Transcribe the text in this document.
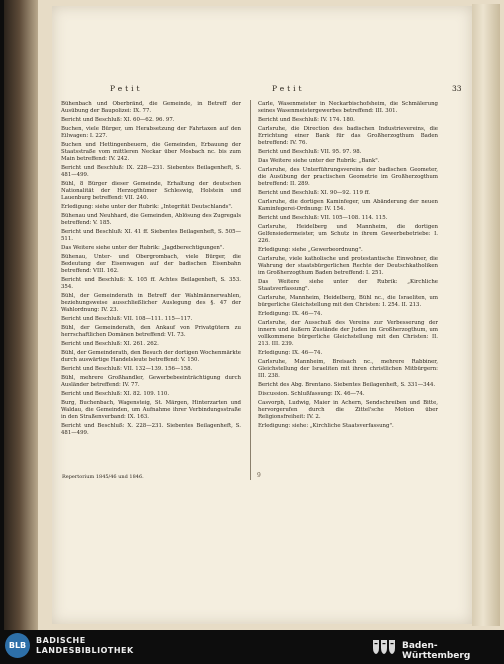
Petit	Petit	33
Bühenbach und Oberbränd, die Gemeinde, in Betreff der Ausübung der Baupolizei: IX. 77.
Bericht und Beschluß: XI. 60—62. 96. 97.
Buchen, viele Bürger, um Herabsetzung der Fahrtaxen auf den Eilwagen: I. 227.
Buchen und Hettingenbeuern, die Gemeinden, Erbauung der Staatsstraße vom mittleren Neckar über Mosbach nc. bis zum Main betreffend: IV. 242.
Bericht und Beschluß: IX. 228—231. Siebentes Beilagenheft, S. 481—499.
Bühl, 8 Bürger dieser Gemeinde, Erhaltung der deutschen Nationalität der Herzogthümer Schleswig, Holstein und Lauenburg betreffend: VII. 240.
Erledigung: siehe unter der Rubrik: „Integrität Deutschlands".
Bühenau und Neuhhard, die Gemeinden, Ablösung des Zugregals betreffend: V. 185.
Bericht und Beschluß: XI. 41 ff. Siebentes Beilagenheft, S. 505—511.
Das Weitere siehe unter der Rubrik: „Jagdberechtigungen".
Bühenau, Unter- und Obergrombach, viele Bürger, die Bedeutung der Eisenwagen auf der badischen Eisenbahn betreffend: VIII. 162.
Bericht und Beschluß: X. 105 ff. Achtes Beilagenheft, S. 353. 354.
Bühl, der Gemeinderath in Betreff der Wahlmännerwahlen, beziehungsweise ausschließlicher Auslegung des §. 47 der Wahlordnung: IV. 23.
Bericht und Beschluß: VII. 108—111. 115—117.
Bühl, der Gemeinderath, den Ankauf von Privatgütern zu herrschaftlichen Domänen betreffend: VI. 73.
Bericht und Beschluß: XI. 261. 262.
Bühl, der Gemeinderath, den Besuch der dortigen Wochenmärkte durch auswärtige Handelsleute betreffend: V. 150.
Bericht und Beschluß: VII. 132—139. 156—158.
Bühl, mehrere Großhandler, Gewerbebeeinträchtigung durch Ausländer betreffend: IV. 77.
Bericht und Beschluß: XI. 82. 109. 110.
Burg, Buchenbach, Wagensteig, St. Märgen, Hinterzarten und Waldau, die Gemeinden, um Aufnahme ihrer Verbindungsstraße in den Straßenverband: IX. 163.
Bericht und Beschluß: X. 228—231. Siebentes Beilagenheft, S. 481—499.
Carle, Wasenmeister in Neckarbischofsheim, die Schmälerung seines Wasenmeistergewerbes betreffend: III. 301.
Bericht und Beschluß: IV. 174. 180.
Carlsruhe, die Direction des badischen Industrievereins, die Errichtung einer Bank für das Großherzogthum Baden betreffend: IV. 76.
Bericht und Beschluß: VII. 95. 97. 98.
Das Weitere siehe unter der Rubrik: „Bank".
Carlsruhe, des Unterführungsvereins der badischen Geometer, die Ausübung der practischen Geometrie im Großherzogthum betreffend: II. 289.
Bericht und Beschluß: XI. 90—92. 119 ff.
Carlsruhe, die dortigen Kaminfeger, um Abänderung der neuen Kaminfegerei-Ordnung: IV. 154.
Bericht und Beschluß: VII. 105—108. 114. 115.
Carlsruhe, Heidelberg und Mannheim, die dortigen Gelfensiedermeister, um Schutz in ihrem Gewerbebetriebe: I. 226.
Erledigung: siehe „Gewerbeordnung".
Carlsruhe, viele katholische und protestantische Einwohner, die Wahrung der staatsbürgerlichen Rechte der Deutschkatholiken im Großherzogthum Baden betreffend: I. 251.
Das Weitere siehe unter der Rubrik: „Kirchliche Staatsverfassung".
Carlsruhe, Mannheim, Heidelberg, Bühl nc., die Israeliten, um bürgerliche Gleichstellung mit den Christen: I. 254. II. 213.
Erledigung: IX. 46—74.
Carlsruhe, der Ausschuß des Vereins zur Verbesserung der innern und äußern Zustände der Juden im Großherzogthum, um vollkommene bürgerliche Gleichstellung mit den Christen: II. 213. III. 239.
Erledigung: IX. 46—74.
Carlsruhe, Mannheim, Breisach nc., mehrere Rabbiner, Gleichstellung der Israeliten mit ihren christlichen Mitbürgern: III. 238.
Bericht des Abg. Brentano. Siebentes Beilagenheft, S. 331—344.
Discussion. Schlußfassung: IX. 46—74.
Casvorph, Ludwig, Maier in Achern, Sendschreiben und Bitte, hervorgerufen durch die Zittel'sche Motion über Religionsfreiheit: IV. 2.
Erledigung: siehe: „Kirchliche Staatsverfassung".
Repertorium 1845/46 und 1846.	9
BLB
BADISCHE
LANDESBIBLIOTHEK	Baden-Württemberg
